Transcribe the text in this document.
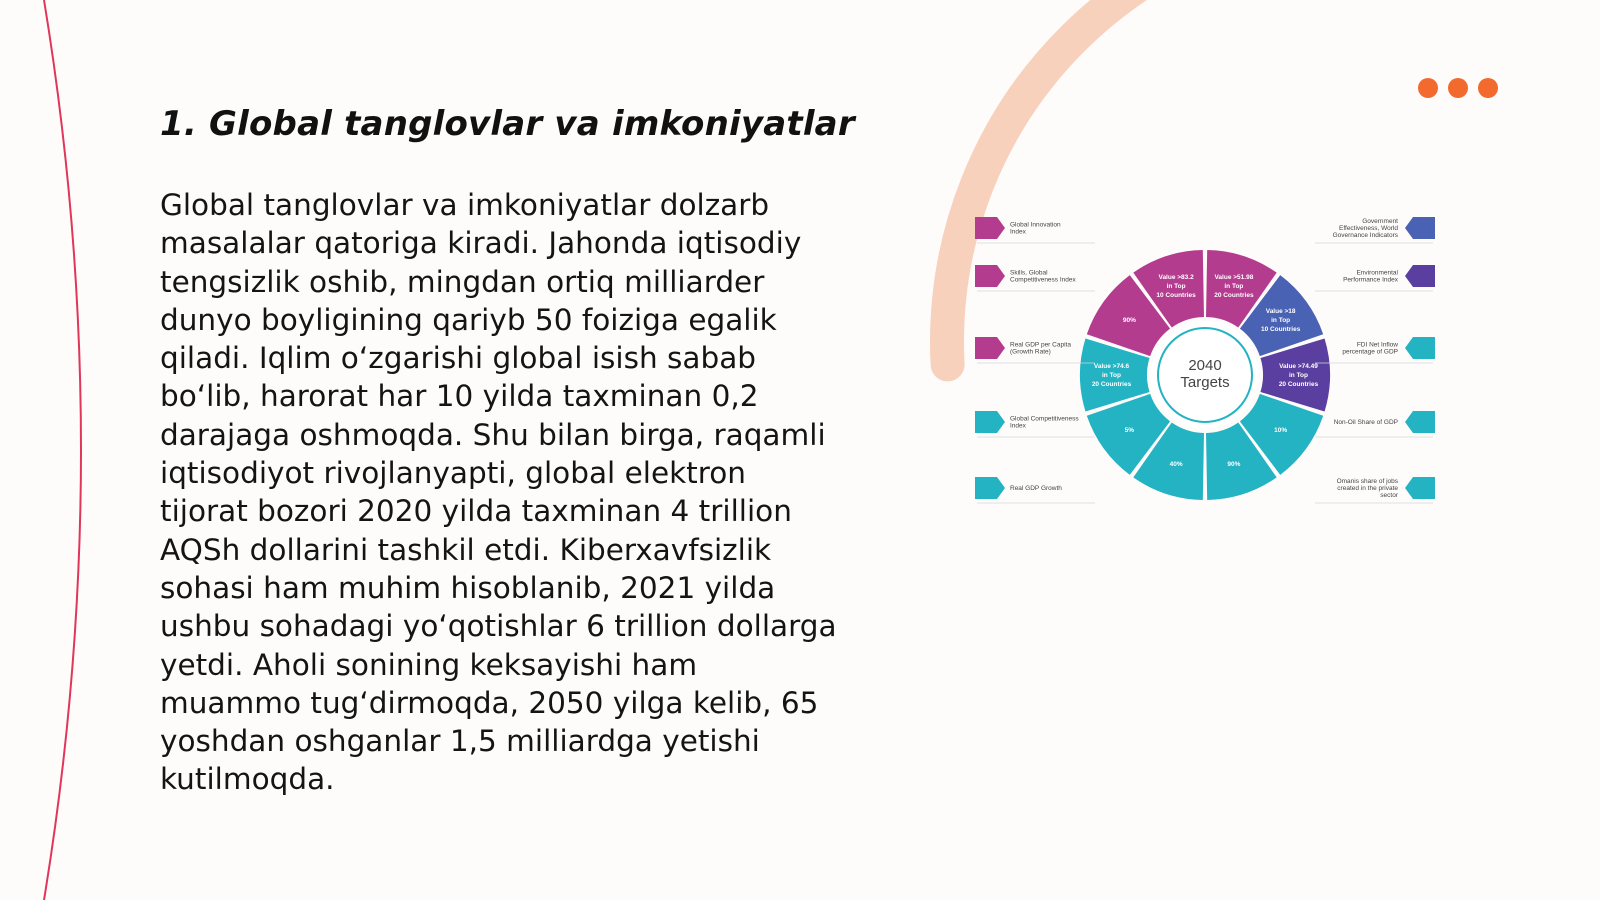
1. Global tanglovlar va imkoniyatlar

Global tanglovlar va imkoniyatlar dolzarb masalalar qatoriga kiradi. Jahonda iqtisodiy tengsizlik oshib, mingdan ortiq milliarder dunyo boyligining qariyb 50 foiziga egalik qiladi. Iqlim o‘zgarishi global isish sabab bo‘lib, harorat har 10 yilda taxminan 0,2 darajaga oshmoqda. Shu bilan birga, raqamli iqtisodiyot rivojlanyapti, global elektron tijorat bozori 2020 yilda taxminan 4 trillion AQSh dollarini tashkil etdi. Kiberxavfsizlik sohasi ham muhim hisoblanib, 2021 yilda ushbu sohadagi yo‘qotishlar 6 trillion dollarga yetdi. Aholi sonining keksayishi ham muammo tug‘dirmoqda, 2050 yilga kelib, 65 yoshdan oshganlar 1,5 milliardga yetishi kutilmoqda.

Value >51.98 in Top 20 Countries
Value >18 in Top 10 Countries
Value >74.49 in Top 20 Countries
10%
90%
40%
5%
Value >74.6 in Top 20 Countries
90%
Value >83.2 in Top 10 Countries
2040
Targets
Global Innovation Index
Skills, Global Competitiveness Index
Real GDP per Capita (Growth Rate)
Global Competitiveness Index
Real GDP Growth
Government Effectiveness, World Governance Indicators
Environmental Performance Index
FDI Net Inflow percentage of GDP
Non-Oil Share of GDP
Omanis share of jobs created in the private sector
